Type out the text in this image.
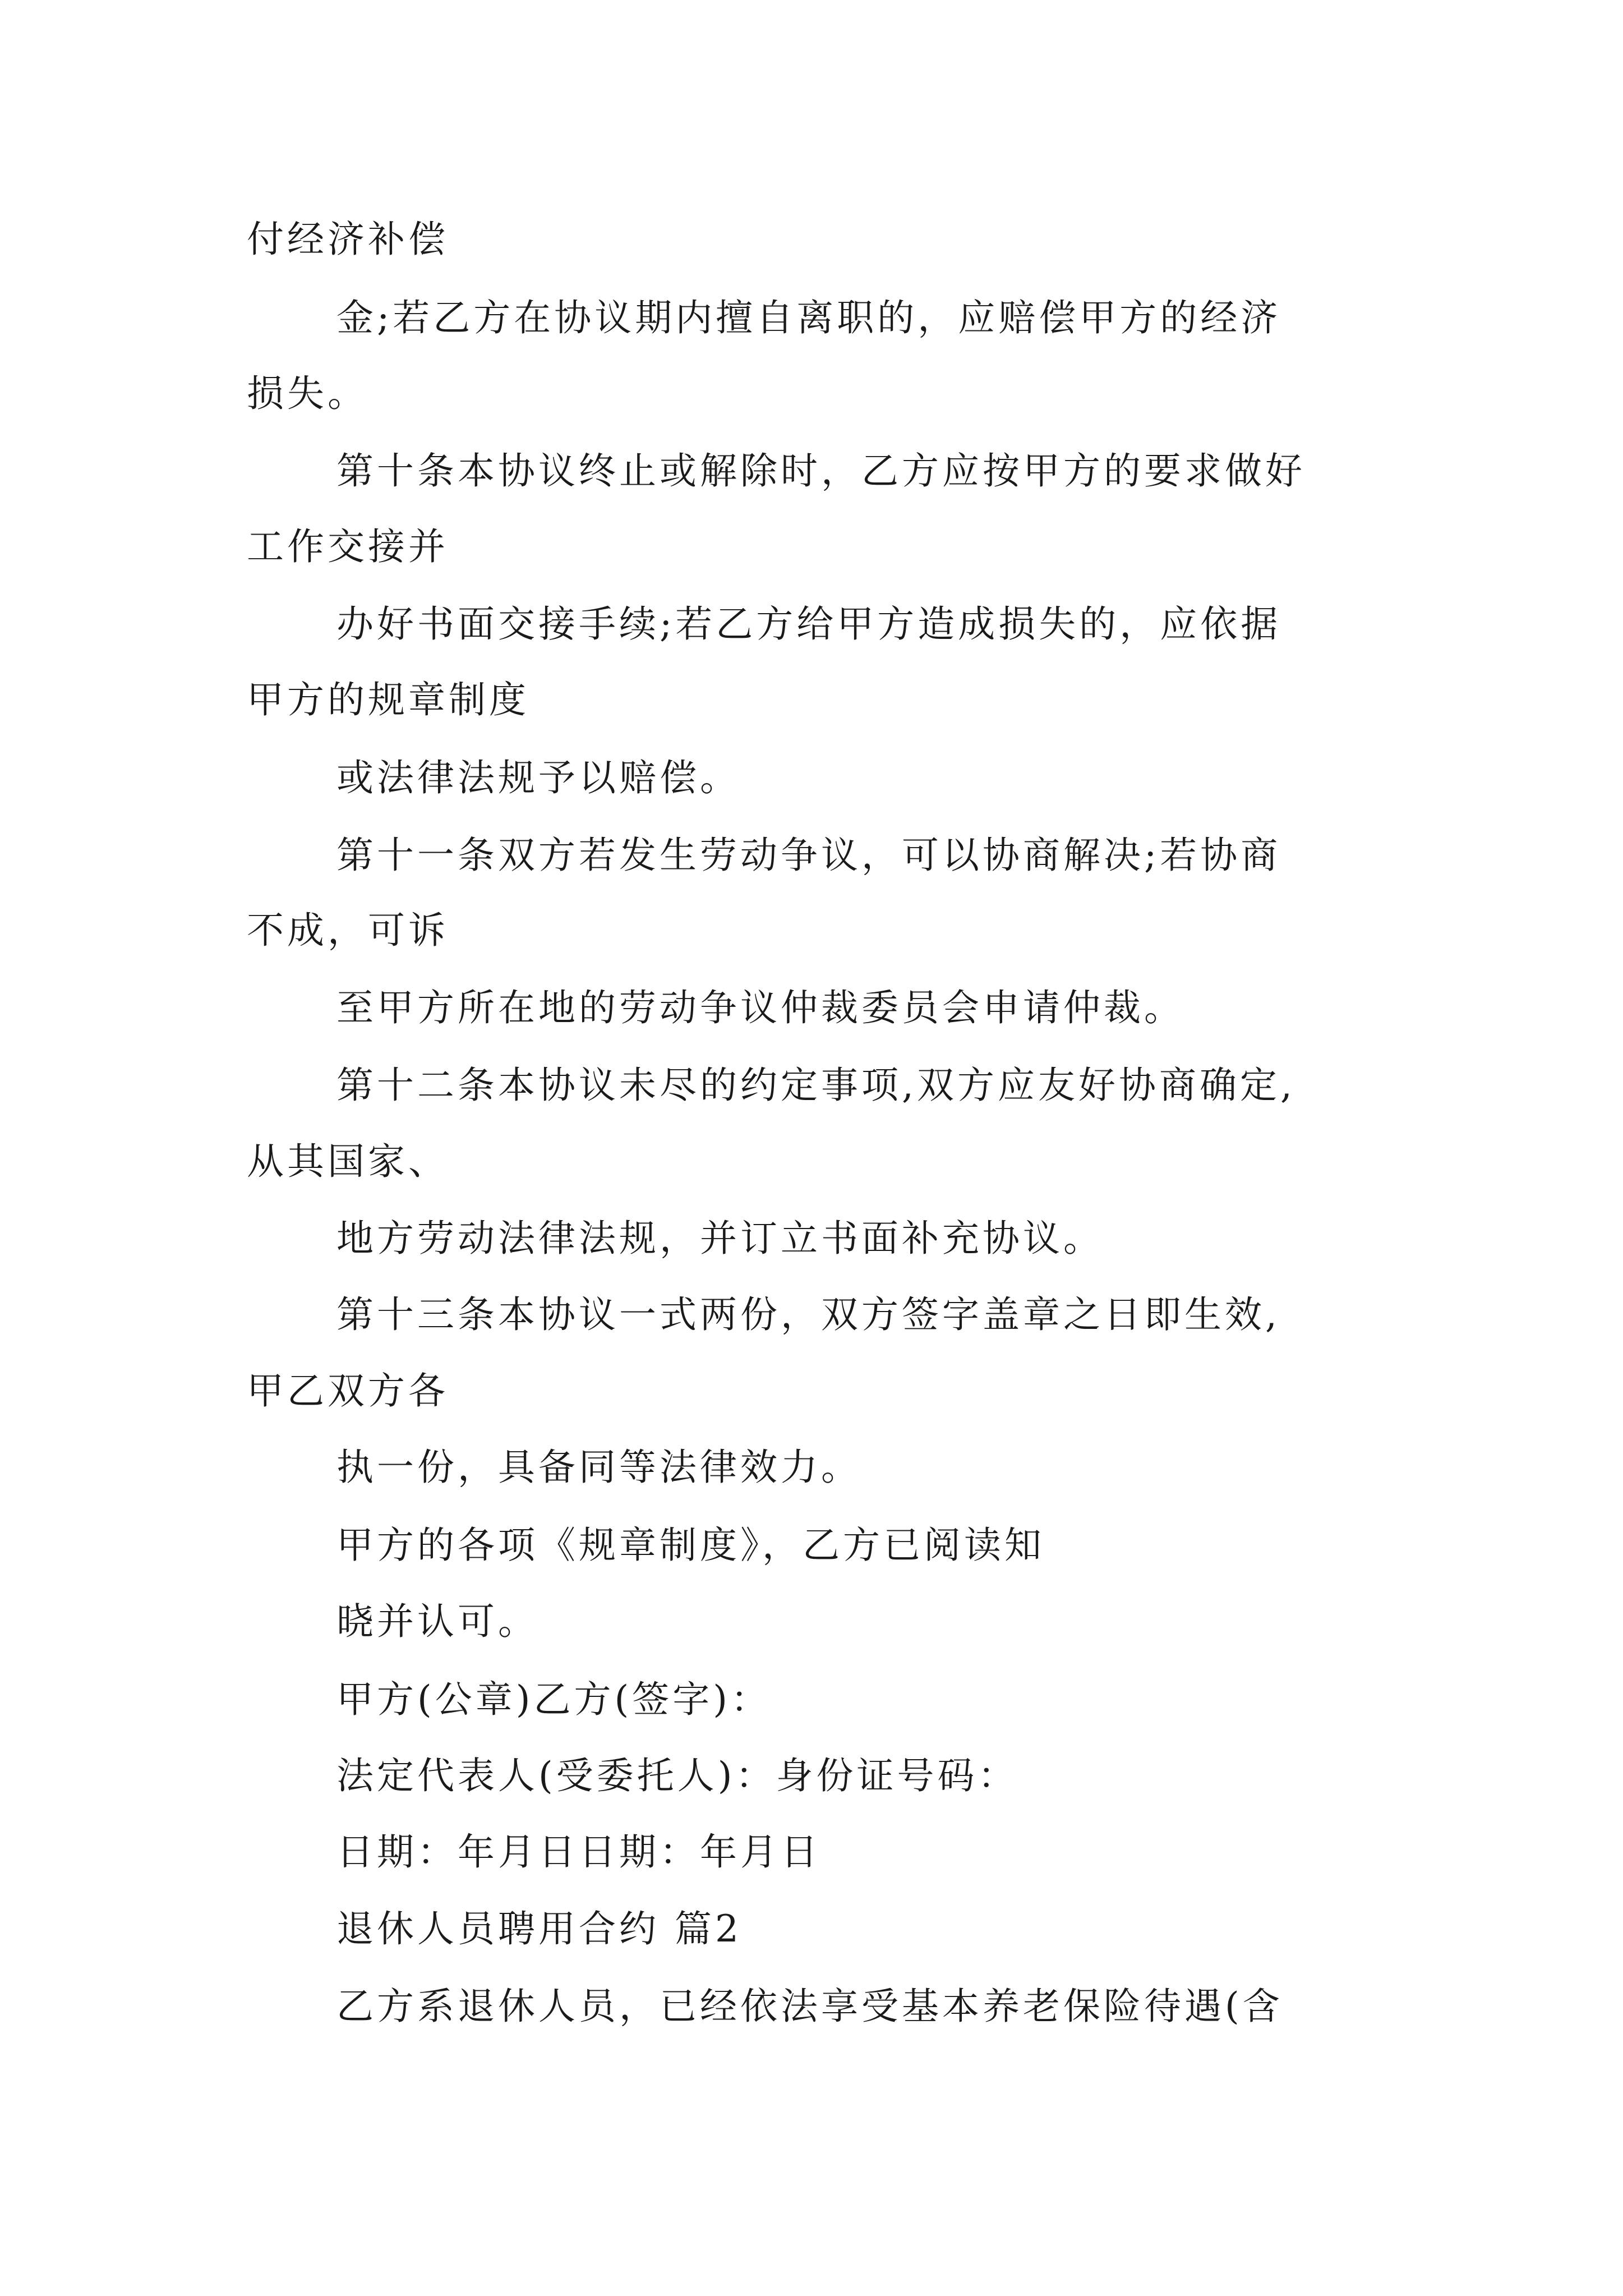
付经济补偿
金;若乙方在协议期内擅自离职的，应赔偿甲方的经济
损失。
第十条本协议终止或解除时，乙方应按甲方的要求做好
工作交接并
办好书面交接手续;若乙方给甲方造成损失的，应依据
甲方的规章制度
或法律法规予以赔偿。
第十一条双方若发生劳动争议，可以协商解决;若协商
不成，可诉
至甲方所在地的劳动争议仲裁委员会申请仲裁。
第十二条本协议未尽的约定事项,双方应友好协商确定,
从其国家、
地方劳动法律法规，并订立书面补充协议。
第十三条本协议一式两份，双方签字盖章之日即生效,
甲乙双方各
执一份，具备同等法律效力。
甲方的各项《规章制度》，乙方已阅读知
晓并认可。
甲方(公章)乙方(签字)：
法定代表人(受委托人)：身份证号码：
日期：年月日日期：年月日
退休人员聘用合约 篇2
乙方系退休人员，已经依法享受基本养老保险待遇(含
